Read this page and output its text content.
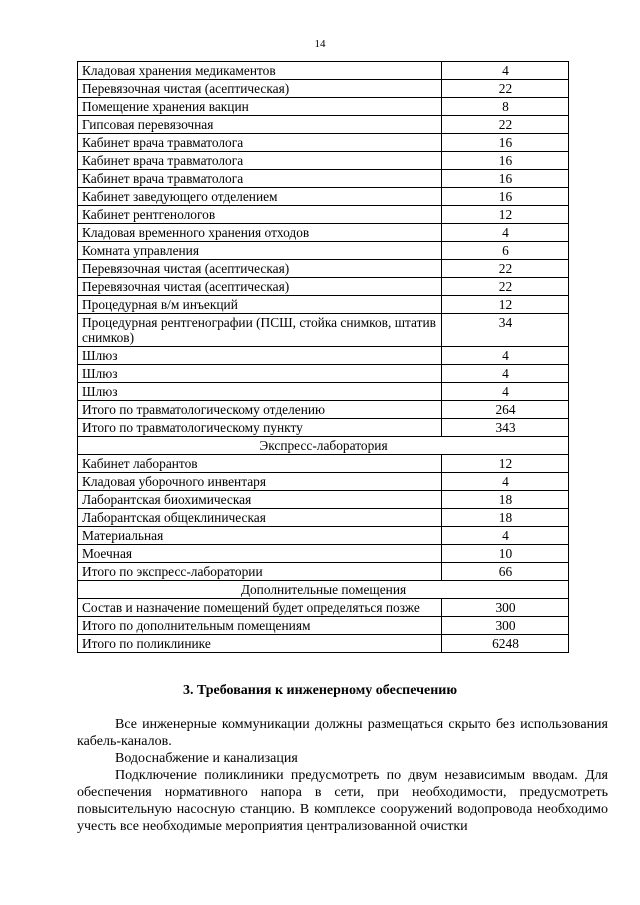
14
Кладовая хранения медикаментов	4
Перевязочная чистая (асептическая)	22
Помещение хранения вакцин	8
Гипсовая перевязочная	22
Кабинет врача травматолога	16
Кабинет врача травматолога	16
Кабинет врача травматолога	16
Кабинет заведующего отделением	16
Кабинет рентгенологов	12
Кладовая временного хранения отходов	4
Комната управления	6
Перевязочная чистая (асептическая)	22
Перевязочная чистая (асептическая)	22
Процедурная в/м инъекций	12
Процедурная рентгенографии (ПСШ, стойка снимков, штатив снимков)	34
Шлюз	4
Шлюз	4
Шлюз	4
Итого по травматологическому отделению	264
Итого по травматологическому пункту	343
Экспресс-лаборатория	
Кабинет лаборантов	12
Кладовая уборочного инвентаря	4
Лаборантская биохимическая	18
Лаборантская общеклиническая	18
Материальная	4
Моечная	10
Итого по экспресс-лаборатории	66
Дополнительные помещения	
Состав и назначение помещений будет определяться позже	300
Итого по дополнительным помещениям	300
Итого по поликлинике	6248
3. Требования к инженерному обеспечению

Все инженерные коммуникации должны размещаться скрыто без использования кабель-каналов.

Водоснабжение и канализация

Подключение поликлиники предусмотреть по двум независимым вводам. Для обеспечения нормативного напора в сети, при необходимости, предусмотреть повысительную насосную станцию. В комплексе сооружений водопровода необходимо учесть все необходимые мероприятия централизованной очистки
